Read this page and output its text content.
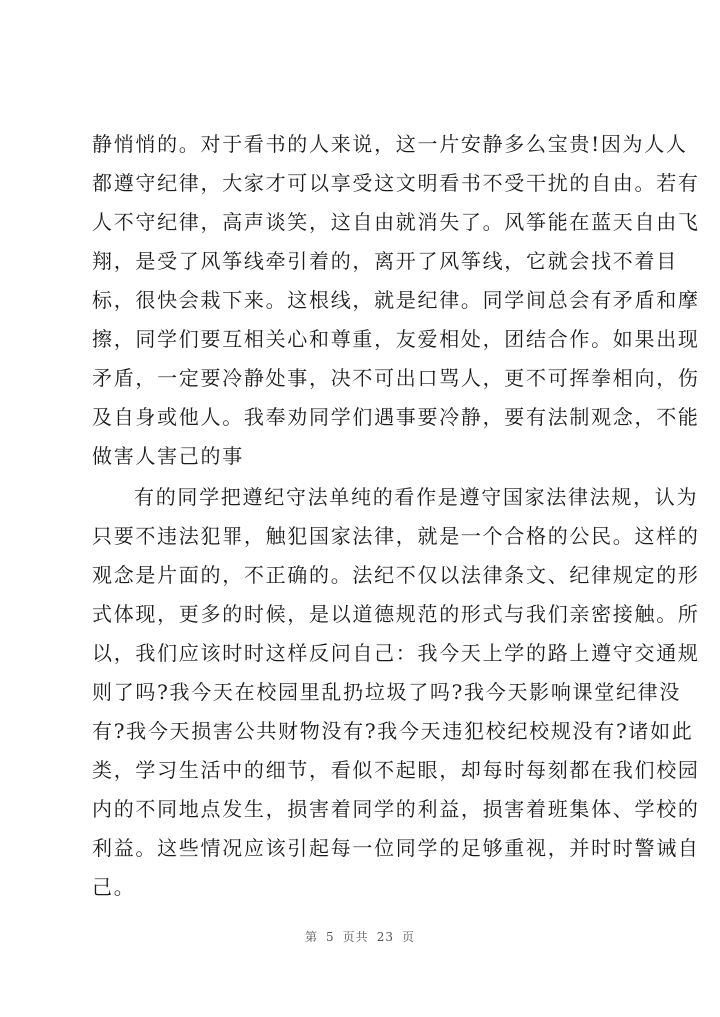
静悄悄的。对于看书的人来说，这一片安静多么宝贵!因为人人
都遵守纪律，大家才可以享受这文明看书不受干扰的自由。若有
人不守纪律，高声谈笑，这自由就消失了。风筝能在蓝天自由飞
翔，是受了风筝线牵引着的，离开了风筝线，它就会找不着目
标，很快会栽下来。这根线，就是纪律。同学间总会有矛盾和摩
擦，同学们要互相关心和尊重，友爱相处，团结合作。如果出现
矛盾，一定要冷静处事，决不可出口骂人，更不可挥拳相向，伤
及自身或他人。我奉劝同学们遇事要冷静，要有法制观念，不能
做害人害己的事
有的同学把遵纪守法单纯的看作是遵守国家法律法规，认为
只要不违法犯罪，触犯国家法律，就是一个合格的公民。这样的
观念是片面的，不正确的。法纪不仅以法律条文、纪律规定的形
式体现，更多的时候，是以道德规范的形式与我们亲密接触。所
以，我们应该时时这样反问自己：我今天上学的路上遵守交通规
则了吗?我今天在校园里乱扔垃圾了吗?我今天影响课堂纪律没
有?我今天损害公共财物没有?我今天违犯校纪校规没有?诸如此
类，学习生活中的细节，看似不起眼，却每时每刻都在我们校园
内的不同地点发生，损害着同学的利益，损害着班集体、学校的
利益。这些情况应该引起每一位同学的足够重视，并时时警诫自
己。
第 5 页共 23 页
